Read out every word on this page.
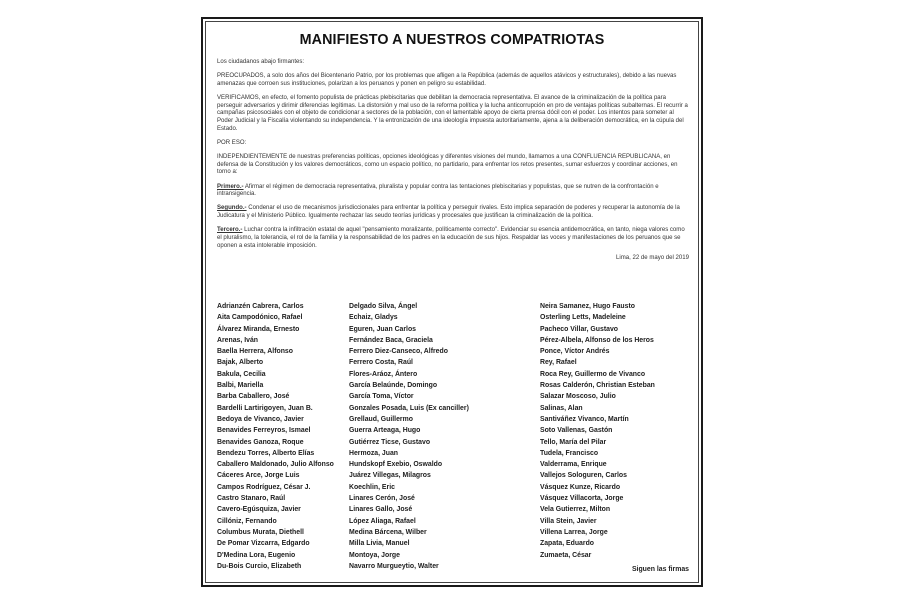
MANIFIESTO A NUESTROS COMPATRIOTAS

Los ciudadanos abajo firmantes:

PREOCUPADOS, a solo dos años del Bicentenario Patrio, por los problemas que afligen a la República (además de aquellos atávicos y estructurales), debido a las nuevas amenazas que corroen sus instituciones, polarizan a los peruanos y ponen en peligro su estabilidad.

VERIFICAMOS, en efecto, el fomento populista de prácticas plebiscitarias que debilitan la democracia representativa. El avance de la criminalización de la política para perseguir adversarios y dirimir diferencias legítimas. La distorsión y mal uso de la reforma política y la lucha anticorrupción en pro de ventajas políticas subalternas. El recurrir a campañas psicosociales con el objeto de condicionar a sectores de la población, con el lamentable apoyo de cierta prensa dócil con el poder. Los intentos para someter al Poder Judicial y la Fiscalía violentando su independencia. Y la entronización de una ideología impuesta autoritariamente, ajena a la deliberación democrática, en la cúpula del Estado.

POR ESO:

INDEPENDIENTEMENTE de nuestras preferencias políticas, opciones ideológicas y diferentes visiones del mundo, llamamos a una CONFLUENCIA REPUBLICANA, en defensa de la Constitución y los valores democráticos, como un espacio político, no partidario, para enfrentar los retos presentes, sumar esfuerzos y coordinar acciones, en torno a:

Primero.- Afirmar el régimen de democracia representativa, pluralista y popular contra las tentaciones plebiscitarias y populistas, que se nutren de la confrontación e intransigencia.

Segundo.- Condenar el uso de mecanismos jurisdiccionales para enfrentar la política y perseguir rivales. Esto implica separación de poderes y recuperar la autonomía de la Judicatura y el Ministerio Público. Igualmente rechazar las seudo teorías jurídicas y procesales que justifican la criminalización de la política.

Tercero.- Luchar contra la infiltración estatal de aquel "pensamiento moralizante, políticamente correcto". Evidenciar su esencia antidemocrática, en tanto, niega valores como el pluralismo, la tolerancia, el rol de la familia y la responsabilidad de los padres en la educación de sus hijos. Respaldar las voces y manifestaciones de los peruanos que se oponen a esta intolerable imposición.

Lima, 22 de mayo del 2019

Adrianzén Cabrera, Carlos
Aita Campodónico, Rafael
Álvarez Miranda, Ernesto
Arenas, Iván
Baella Herrera, Alfonso
Bajak, Alberto
Bakula, Cecilia
Balbi, Mariella
Barba Caballero, José
Bardelli Lartirigoyen, Juan B.
Bedoya de Vivanco, Javier
Benavides Ferreyros, Ismael
Benavides Ganoza, Roque
Bendezu Torres, Alberto Elías
Caballero Maldonado, Julio Alfonso
Cáceres Arce, Jorge Luis
Campos Rodríguez, César J.
Castro Stanaro, Raúl
Cavero-Egúsquiza, Javier
Cillóniz, Fernando
Columbus Murata, Diethell
De Pomar Vizcarra, Edgardo
D'Medina Lora, Eugenio
Du-Bois Curcio, Elizabeth
Delgado Silva, Ángel
Echaiz, Gladys
Eguren, Juan Carlos
Fernández Baca, Graciela
Ferrero Diez-Canseco, Alfredo
Ferrero Costa, Raúl
Flores-Aráoz, Ántero
García Belaúnde, Domingo
García Toma, Víctor
Gonzales Posada, Luis (Ex canciller)
Grellaud, Guillermo
Guerra Arteaga, Hugo
Gutiérrez Ticse, Gustavo
Hermoza, Juan
Hundskopf Exebio, Oswaldo
Juárez Villegas, Milagros
Koechlin, Eric
Linares Cerón, José
Linares Gallo, José
López Aliaga, Rafael
Medina Bárcena, Wilber
Milla Livia, Manuel
Montoya, Jorge
Navarro Murgueytio, Walter
Neira Samanez, Hugo Fausto
Osterling Letts, Madeleine
Pacheco Villar, Gustavo
Pérez-Albela, Alfonso de los Heros
Ponce, Víctor Andrés
Rey, Rafael
Roca Rey, Guillermo de Vivanco
Rosas Calderón, Christian Esteban
Salazar Moscoso, Julio
Salinas, Alan
Santiváñez Vivanco, Martín
Soto Vallenas, Gastón
Tello, María del Pilar
Tudela, Francisco
Valderrama, Enrique
Vallejos Sologuren, Carlos
Vásquez Kunze, Ricardo
Vásquez Villacorta, Jorge
Vela Gutierrez, Milton
Villa Stein, Javier
Villena Larrea, Jorge
Zapata, Eduardo
Zumaeta, César
Siguen las firmas
